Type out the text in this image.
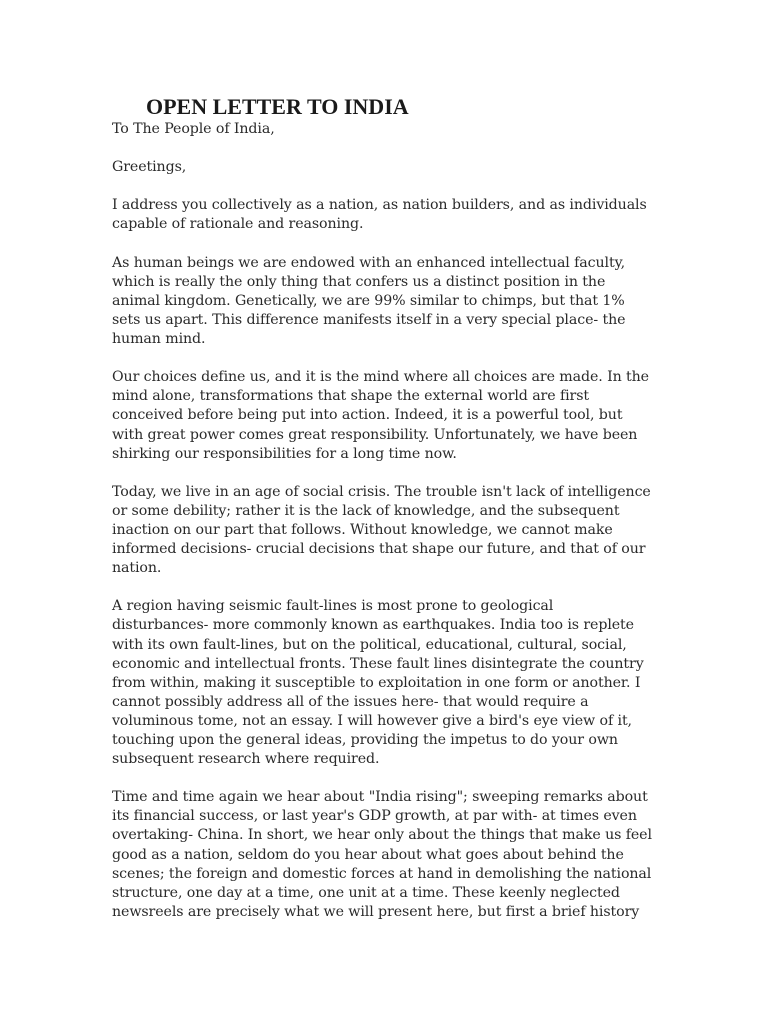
OPEN LETTER TO INDIA

To The People of India,

Greetings,

I address you collectively as a nation, as nation builders, and as individuals
capable of rationale and reasoning.

As human beings we are endowed with an enhanced intellectual faculty,
which is really the only thing that confers us a distinct position in the
animal kingdom. Genetically, we are 99% similar to chimps, but that 1%
sets us apart. This difference manifests itself in a very special place- the
human mind.

Our choices define us, and it is the mind where all choices are made. In the
mind alone, transformations that shape the external world are first
conceived before being put into action. Indeed, it is a powerful tool, but
with great power comes great responsibility. Unfortunately, we have been
shirking our responsibilities for a long time now.

Today, we live in an age of social crisis. The trouble isn't lack of intelligence
or some debility; rather it is the lack of knowledge, and the subsequent
inaction on our part that follows. Without knowledge, we cannot make
informed decisions- crucial decisions that shape our future, and that of our
nation.

A region having seismic fault-lines is most prone to geological
disturbances- more commonly known as earthquakes. India too is replete
with its own fault-lines, but on the political, educational, cultural, social,
economic and intellectual fronts. These fault lines disintegrate the country
from within, making it susceptible to exploitation in one form or another. I
cannot possibly address all of the issues here- that would require a
voluminous tome, not an essay. I will however give a bird's eye view of it,
touching upon the general ideas, providing the impetus to do your own
subsequent research where required.

Time and time again we hear about "India rising"; sweeping remarks about
its financial success, or last year's GDP growth, at par with- at times even
overtaking- China. In short, we hear only about the things that make us feel
good as a nation, seldom do you hear about what goes about behind the
scenes; the foreign and domestic forces at hand in demolishing the national
structure, one day at a time, one unit at a time. These keenly neglected
newsreels are precisely what we will present here, but first a brief history
